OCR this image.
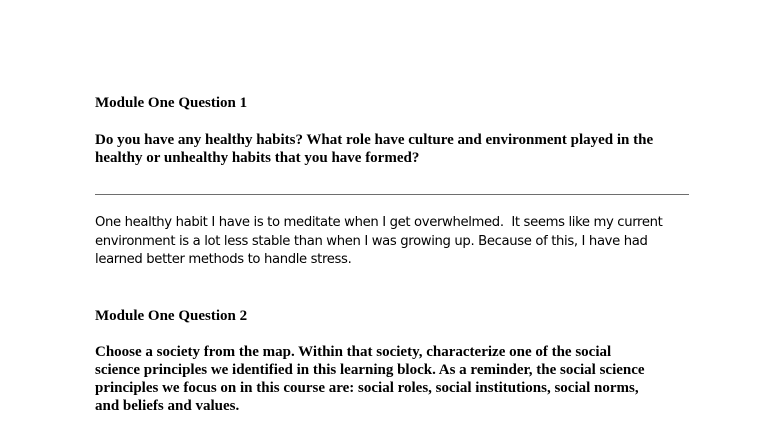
Module One Question 1
Do you have any healthy habits? What role have culture and environment played in the
healthy or unhealthy habits that you have formed?
One healthy habit I have is to meditate when I get overwhelmed.  It seems like my current
environment is a lot less stable than when I was growing up. Because of this, I have had
learned better methods to handle stress.
Module One Question 2
Choose a society from the map. Within that society, characterize one of the social
science principles we identified in this learning block. As a reminder, the social science
principles we focus on in this course are: social roles, social institutions, social norms,
and beliefs and values.
